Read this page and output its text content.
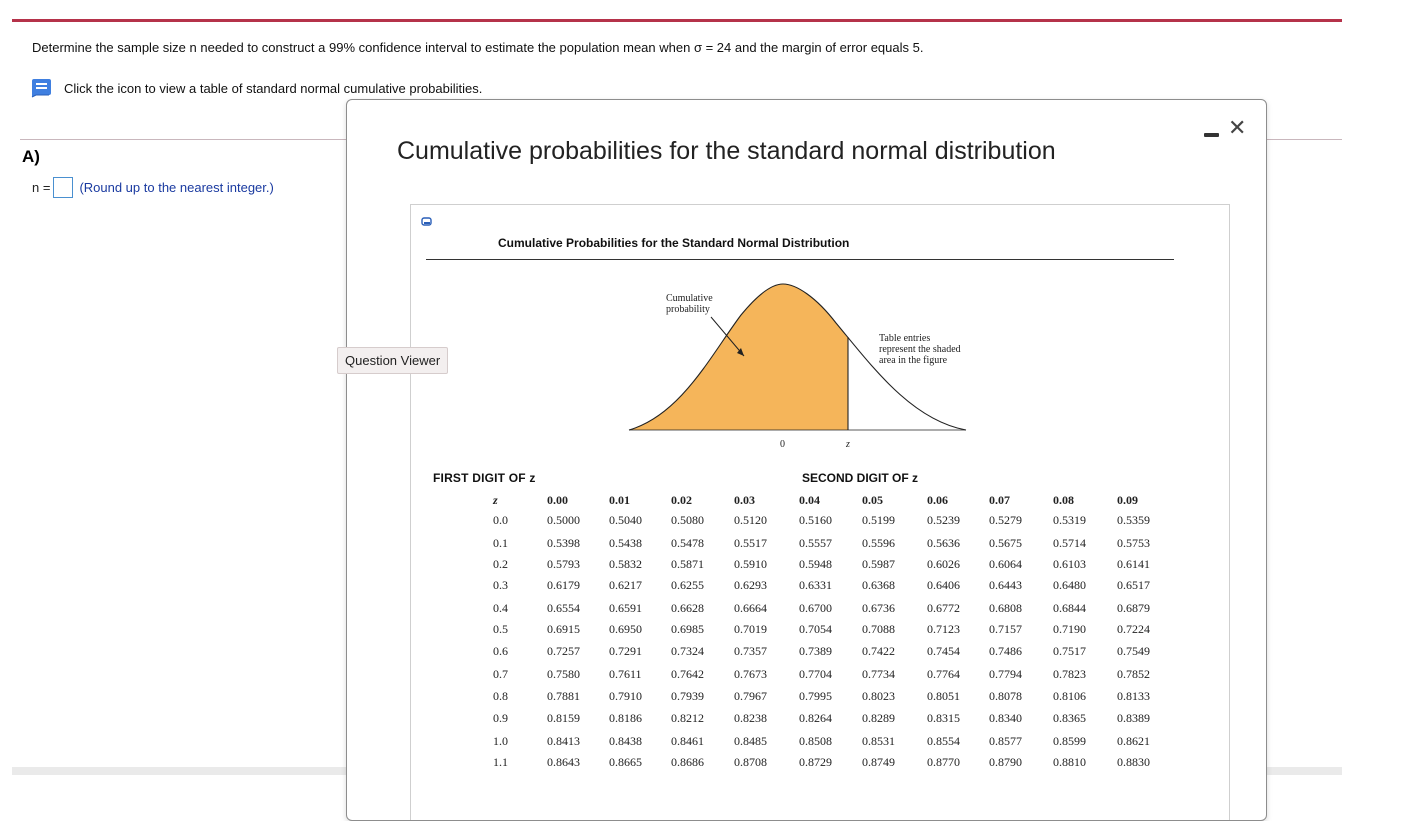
Determine the sample size n needed to construct a 99% confidence interval to estimate the population mean when σ = 24 and the margin of error equals 5.
Click the icon to view a table of standard normal cumulative probabilities.
A)
n = (Round up to the nearest integer.)
Cumulative probabilities for the standard normal distribution
✕
Cumulative Probabilities for the Standard Normal Distribution
Cumulative
probability
Table entries
represent the shaded
area in the figure
0	z
FIRST DIGIT OF z	SECOND DIGIT OF z
z	0.00	0.01	0.02	0.03	0.04	0.05	0.06	0.07	0.08	0.09
0.0	0.5000 0.5040 0.5080	0.5120	0.5160	0.5199	0.5239 0.5279	0.5319	0.5359
0.1	0.5398 0.5438 0.5478	0.5517	0.5557	0.5596	0.5636 0.5675	0.5714	0.5753
0.2	0.5793 0.5832 0.5871	0.5910	0.5948	0.5987	0.6026 0.6064	0.6103	0.6141
0.3	0.6179 0.6217 0.6255	0.6293	0.6331	0.6368	0.6406 0.6443	0.6480	0.6517
0.4	0.6554 0.6591 0.6628	0.6664	0.6700	0.6736	0.6772 0.6808	0.6844	0.6879
0.5	0.6915 0.6950 0.6985	0.7019	0.7054	0.7088	0.7123 0.7157	0.7190	0.7224
0.6	0.7257 0.7291 0.7324	0.7357	0.7389	0.7422	0.7454 0.7486	0.7517	0.7549
0.7	0.7580 0.7611 0.7642	0.7673	0.7704	0.7734	0.7764 0.7794	0.7823	0.7852
0.8	0.7881 0.7910 0.7939	0.7967	0.7995	0.8023	0.8051 0.8078	0.8106	0.8133
0.9	0.8159 0.8186 0.8212	0.8238	0.8264	0.8289	0.8315 0.8340	0.8365	0.8389
1.0	0.8413 0.8438 0.8461	0.8485	0.8508	0.8531	0.8554 0.8577	0.8599	0.8621
1.1	0.8643 0.8665 0.8686	0.8708	0.8729	0.8749	0.8770 0.8790	0.8810	0.8830
Question Viewer
